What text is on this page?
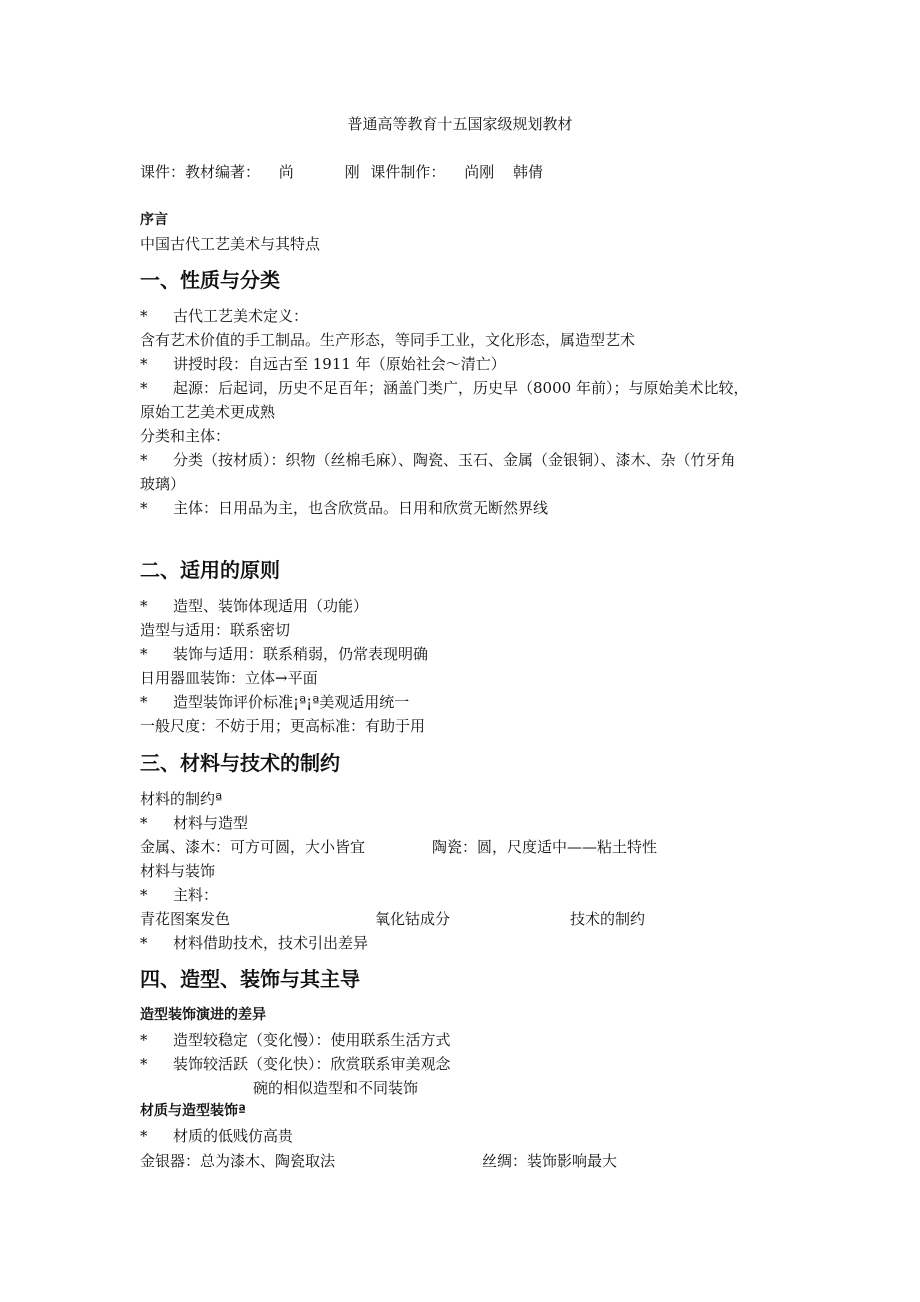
普通高等教育十五国家级规划教材
课件：教材编著： 尚	刚 课件制作： 尚刚 韩倩
序言
中国古代工艺美术与其特点
一、性质与分类
* 古代工艺美术定义：
含有艺术价值的手工制品。生产形态，等同手工业，文化形态，属造型艺术
* 讲授时段：自远古至 1911 年（原始社会～清亡）
* 起源：后起词，历史不足百年；涵盖门类广，历史早（8000 年前）；与原始美术比较，
原始工艺美术更成熟
分类和主体：
* 分类（按材质）：织物（丝棉毛麻）、陶瓷、玉石、金属（金银铜）、漆木、杂（竹牙角
玻璃）
* 主体：日用品为主，也含欣赏品。日用和欣赏无断然界线
二、适用的原则
* 造型、装饰体现适用（功能）
造型与适用：联系密切
* 装饰与适用：联系稍弱，仍常表现明确
日用器皿装饰：立体→平面
* 造型装饰评价标准¡ª¡ª美观适用统一
一般尺度：不妨于用；更高标准：有助于用
三、材料与技术的制约
材料的制约ª
* 材料与造型
金属、漆木：可方可圆，大小皆宜	陶瓷：圆，尺度适中——粘土特性
材料与装饰
* 主料：
青花图案发色	氧化钴成分	技术的制约
* 材料借助技术，技术引出差异
四、造型、装饰与其主导
造型装饰演进的差异
* 造型较稳定（变化慢）：使用联系生活方式
* 装饰较活跃（变化快）：欣赏联系审美观念
碗的相似造型和不同装饰
材质与造型装饰ª
* 材质的低贱仿高贵
金银器：总为漆木、陶瓷取法	丝绸：装饰影响最大
